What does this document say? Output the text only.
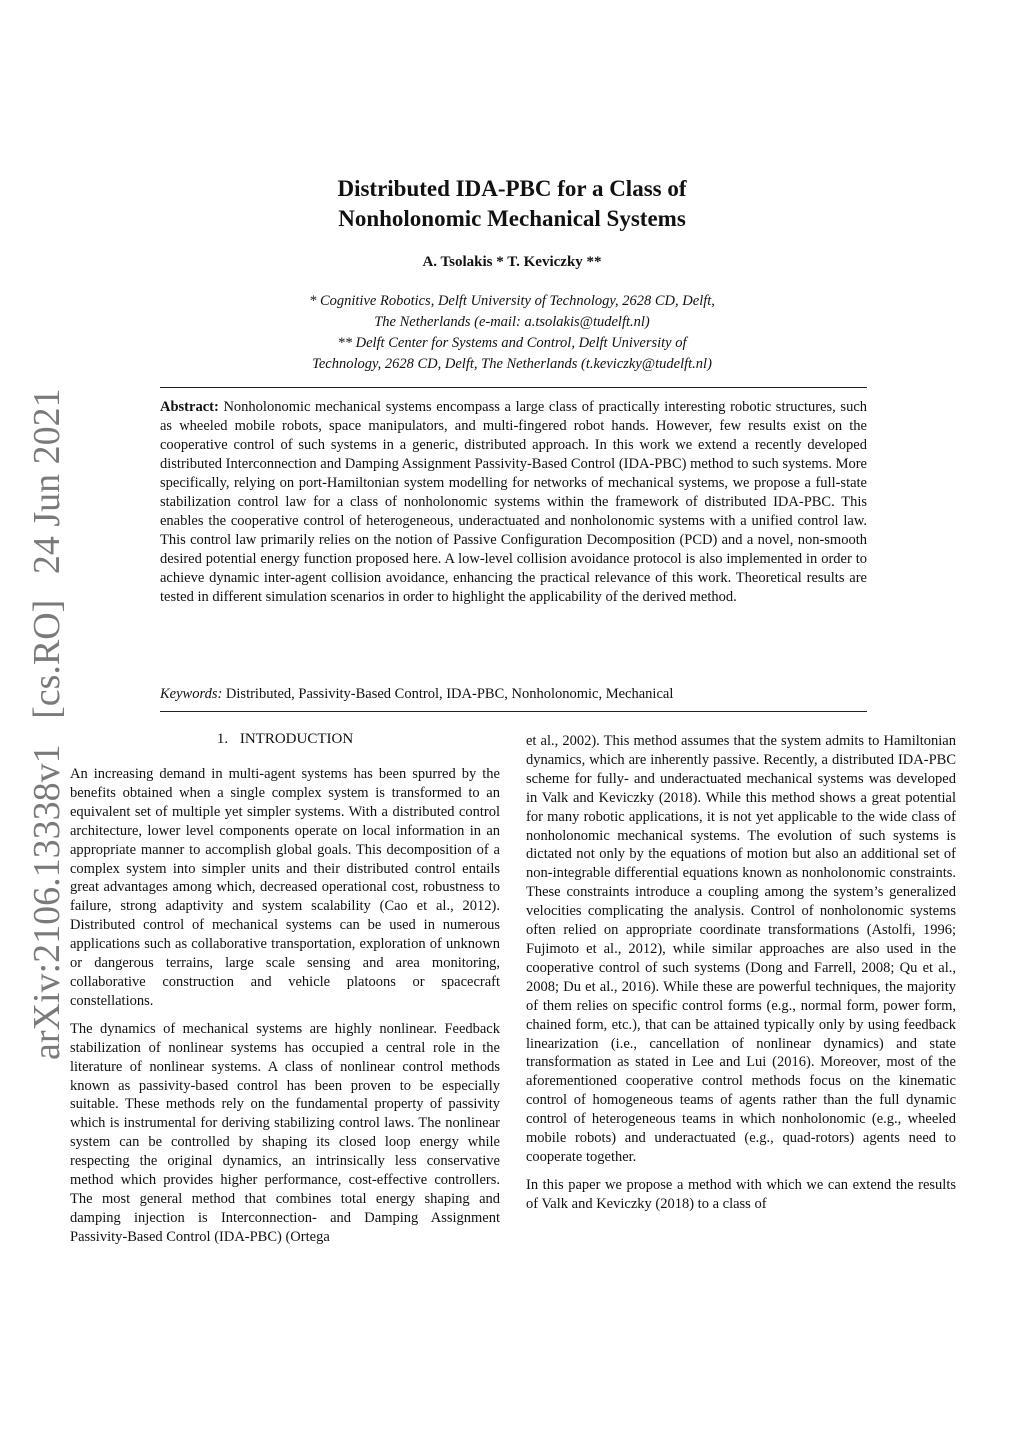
arXiv:2106.13338v1 [cs.RO] 24 Jun 2021
Distributed IDA-PBC for a Class of
Nonholonomic Mechanical Systems
A. Tsolakis * T. Keviczky **
* Cognitive Robotics, Delft University of Technology, 2628 CD, Delft,
The Netherlands (e-mail: a.tsolakis@tudelft.nl)
** Delft Center for Systems and Control, Delft University of
Technology, 2628 CD, Delft, The Netherlands (t.keviczky@tudelft.nl)
Abstract: Nonholonomic mechanical systems encompass a large class of practically interesting robotic structures, such as wheeled mobile robots, space manipulators, and multi-fingered robot hands. However, few results exist on the cooperative control of such systems in a generic, distributed approach. In this work we extend a recently developed distributed Interconnection and Damping Assignment Passivity-Based Control (IDA-PBC) method to such systems. More specifically, relying on port-Hamiltonian system modelling for networks of mechanical systems, we propose a full-state stabilization control law for a class of nonholonomic systems within the framework of distributed IDA-PBC. This enables the cooperative control of heterogeneous, underactuated and nonholonomic systems with a unified control law. This control law primarily relies on the notion of Passive Configuration Decomposition (PCD) and a novel, non-smooth desired potential energy function proposed here. A low-level collision avoidance protocol is also implemented in order to achieve dynamic inter-agent collision avoidance, enhancing the practical relevance of this work. Theoretical results are tested in different simulation scenarios in order to highlight the applicability of the derived method.
Keywords: Distributed, Passivity-Based Control, IDA-PBC, Nonholonomic, Mechanical
1. INTRODUCTION

An increasing demand in multi-agent systems has been spurred by the benefits obtained when a single complex system is transformed to an equivalent set of multiple yet simpler systems. With a distributed control architecture, lower level components operate on local information in an appropriate manner to accomplish global goals. This decomposition of a complex system into simpler units and their distributed control entails great advantages among which, decreased operational cost, robustness to failure, strong adaptivity and system scalability (Cao et al., 2012). Distributed control of mechanical systems can be used in numerous applications such as collaborative transportation, exploration of unknown or dangerous terrains, large scale sensing and area monitoring, collaborative construction and vehicle platoons or spacecraft constellations.

The dynamics of mechanical systems are highly nonlinear. Feedback stabilization of nonlinear systems has occupied a central role in the literature of nonlinear systems. A class of nonlinear control methods known as passivity-based control has been proven to be especially suitable. These methods rely on the fundamental property of passivity which is instrumental for deriving stabilizing control laws. The nonlinear system can be controlled by shaping its closed loop energy while respecting the original dynamics, an intrinsically less conservative method which provides higher performance, cost-effective controllers. The most general method that combines total energy shaping and damping injection is Interconnection- and Damping Assignment Passivity-Based Control (IDA-PBC) (Ortega

et al., 2002). This method assumes that the system admits to Hamiltonian dynamics, which are inherently passive. Recently, a distributed IDA-PBC scheme for fully- and underactuated mechanical systems was developed in Valk and Keviczky (2018). While this method shows a great potential for many robotic applications, it is not yet applicable to the wide class of nonholonomic mechanical systems. The evolution of such systems is dictated not only by the equations of motion but also an additional set of non-integrable differential equations known as nonholonomic constraints. These constraints introduce a coupling among the system’s generalized velocities complicating the analysis. Control of nonholonomic systems often relied on appropriate coordinate transformations (Astolfi, 1996; Fujimoto et al., 2012), while similar approaches are also used in the cooperative control of such systems (Dong and Farrell, 2008; Qu et al., 2008; Du et al., 2016). While these are powerful techniques, the majority of them relies on specific control forms (e.g., normal form, power form, chained form, etc.), that can be attained typically only by using feedback linearization (i.e., cancellation of nonlinear dynamics) and state transformation as stated in Lee and Lui (2016). Moreover, most of the aforementioned cooperative control methods focus on the kinematic control of homogeneous teams of agents rather than the full dynamic control of heterogeneous teams in which nonholonomic (e.g., wheeled mobile robots) and underactuated (e.g., quad-rotors) agents need to cooperate together.

In this paper we propose a method with which we can extend the results of Valk and Keviczky (2018) to a class of
